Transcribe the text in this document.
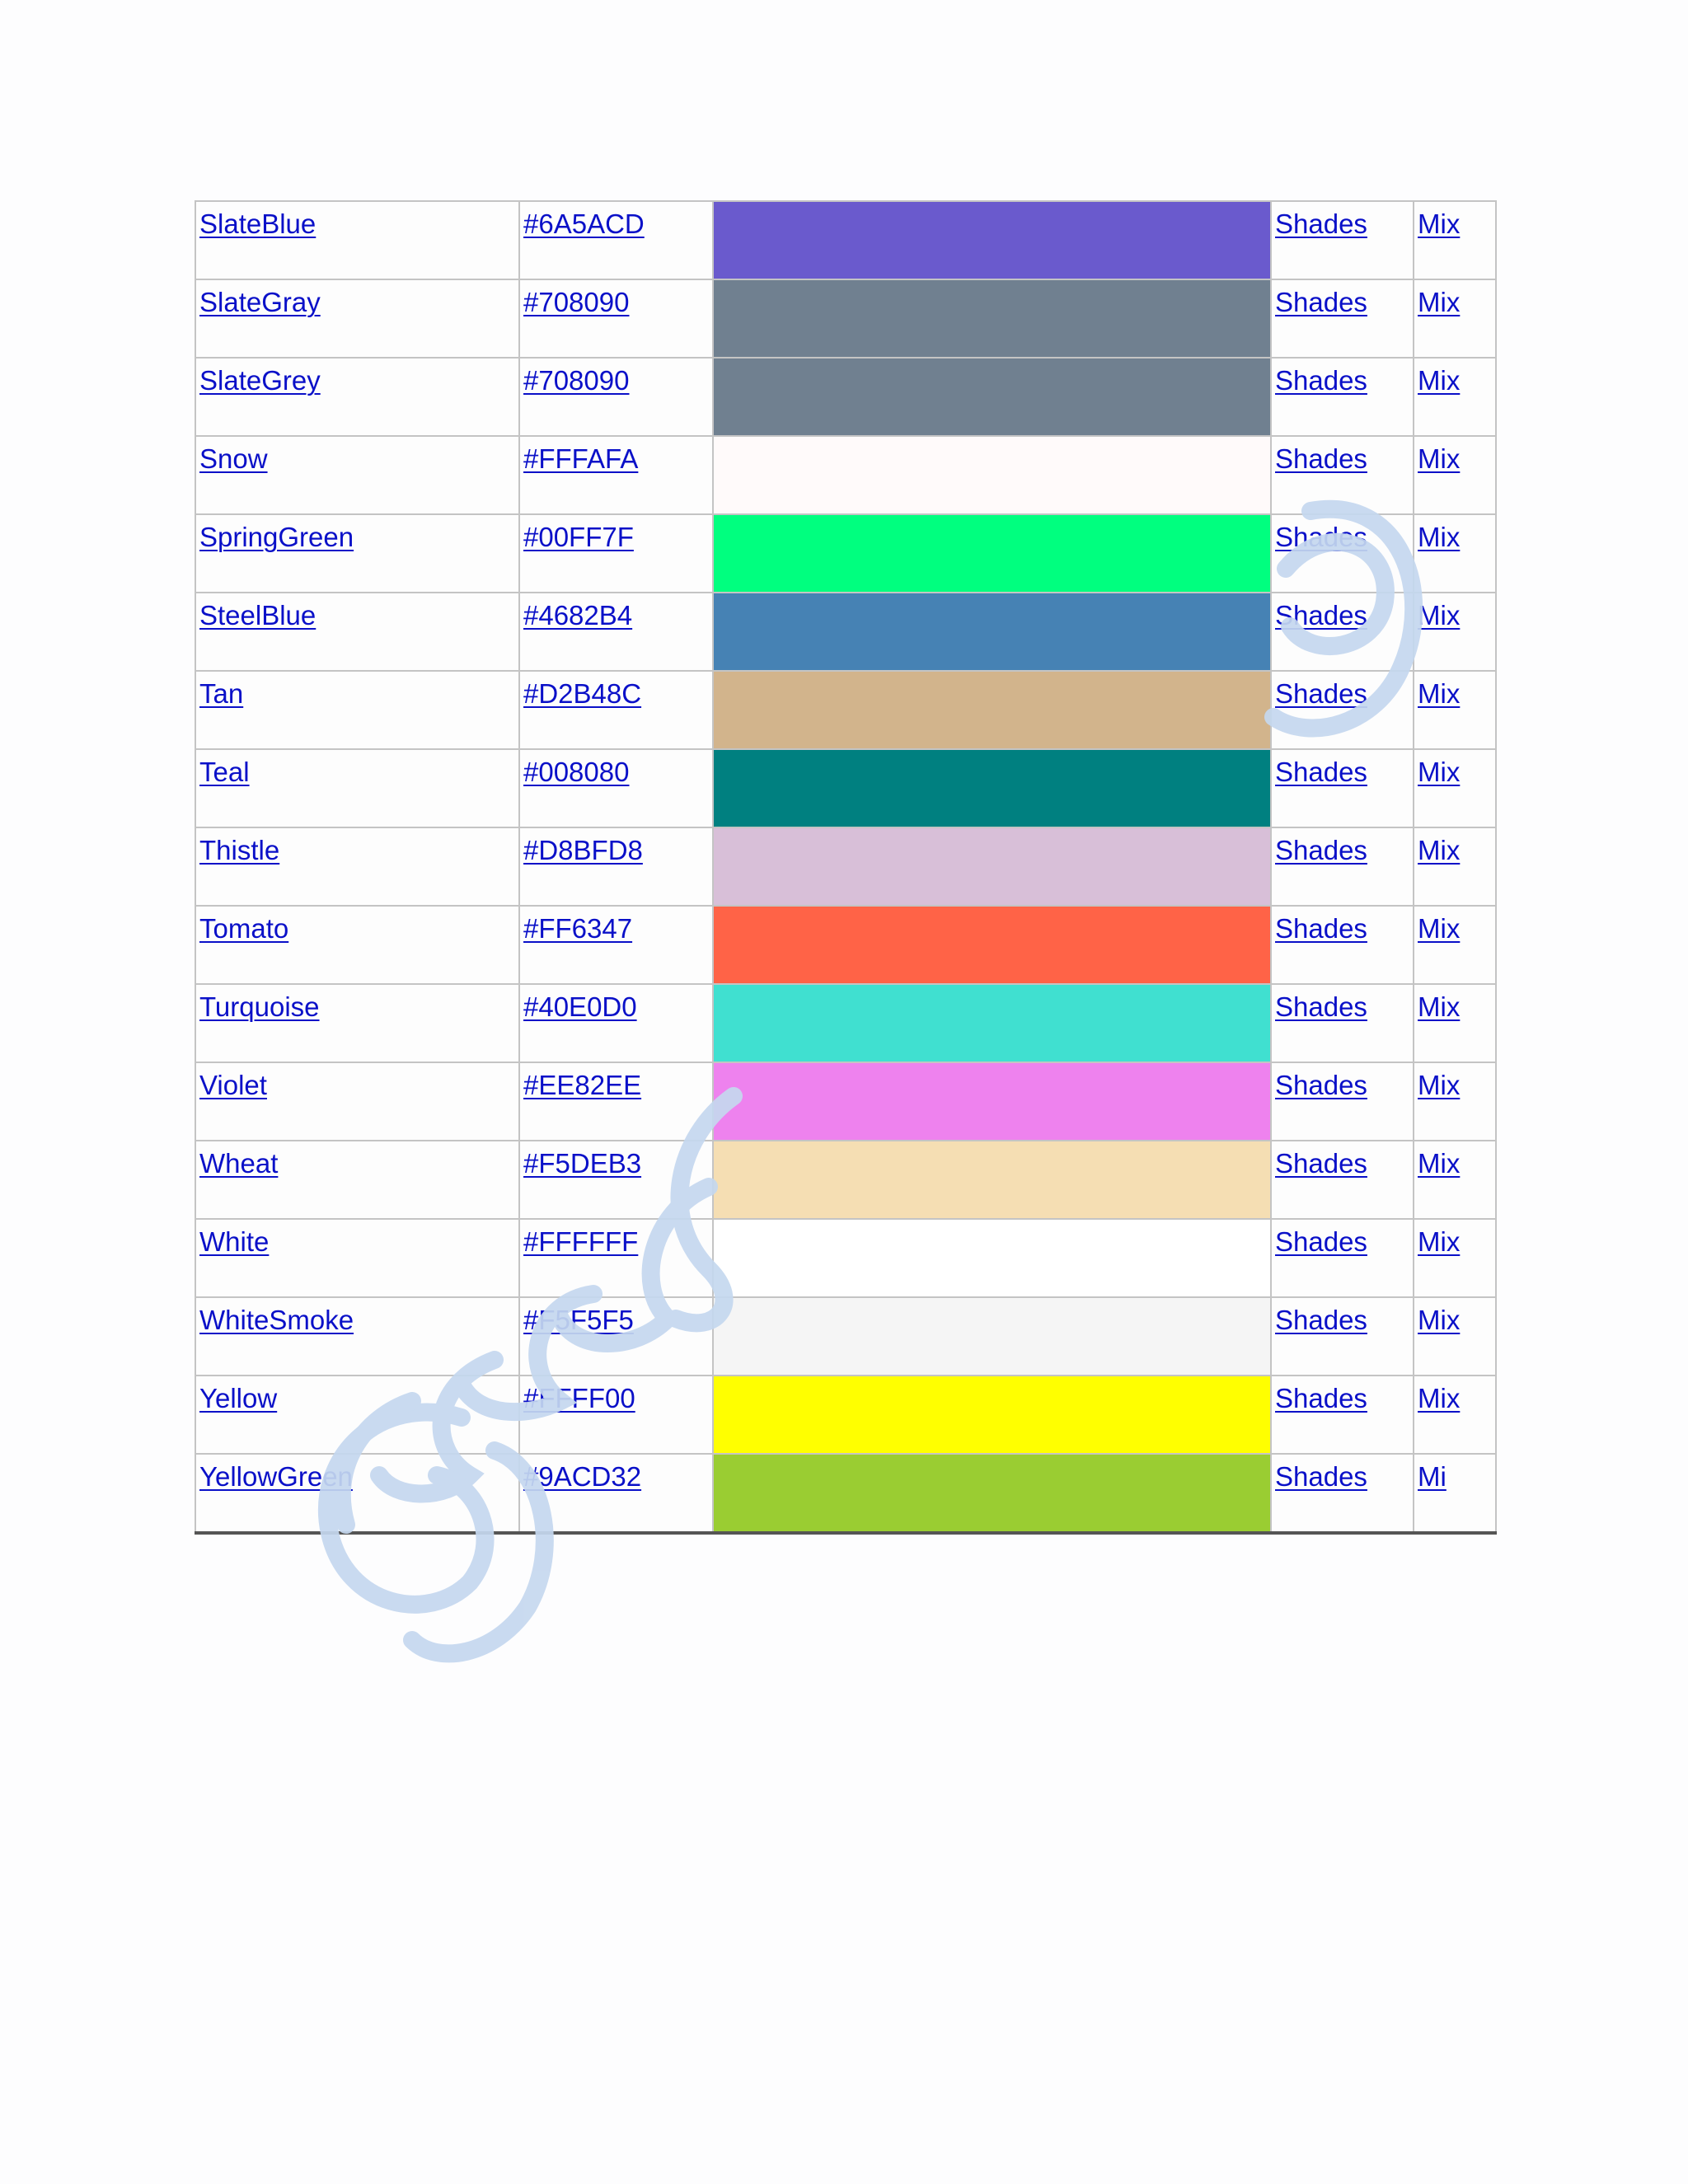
SlateBlue	#6A5ACD		Shades	Mix
SlateGray	#708090		Shades	Mix
SlateGrey	#708090		Shades	Mix
Snow	#FFFAFA		Shades	Mix
SpringGreen	#00FF7F		Shades	Mix
SteelBlue	#4682B4		Shades	Mix
Tan	#D2B48C		Shades	Mix
Teal	#008080		Shades	Mix
Thistle	#D8BFD8		Shades	Mix
Tomato	#FF6347		Shades	Mix
Turquoise	#40E0D0		Shades	Mix
Violet	#EE82EE		Shades	Mix
Wheat	#F5DEB3		Shades	Mix
White	#FFFFFF		Shades	Mix
WhiteSmoke	#F5F5F5		Shades	Mix
Yellow	#FFFF00		Shades	Mix
YellowGreen	#9ACD32		Shades	Mi
